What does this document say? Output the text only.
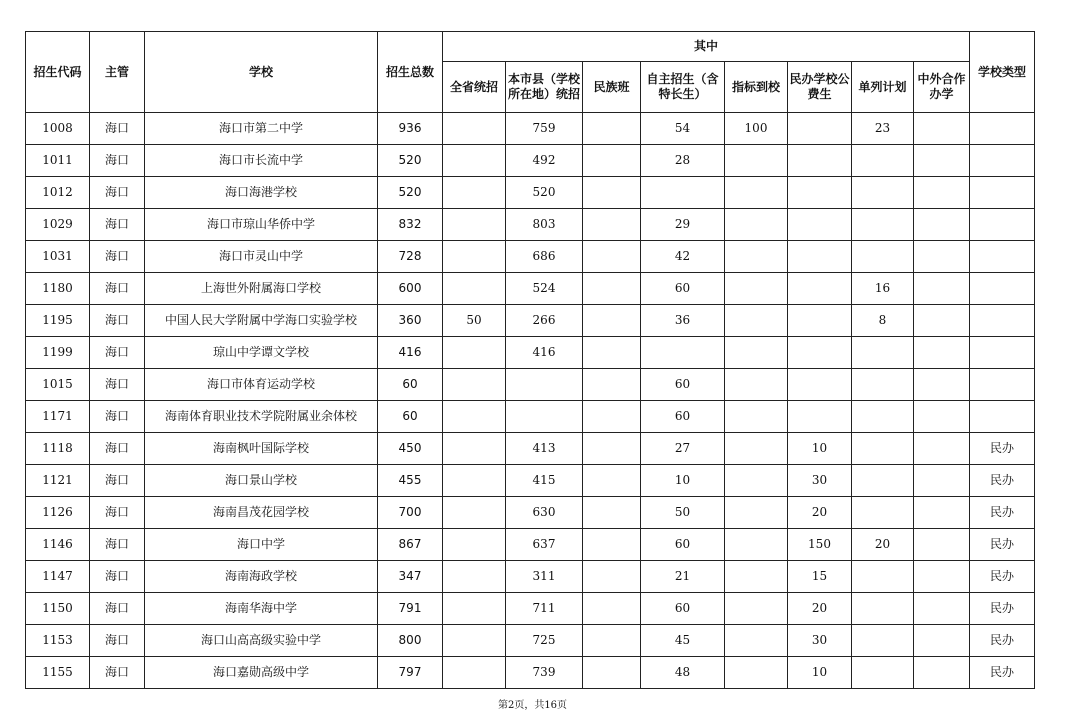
招生代码	主管	学校	招生总数	其中								学校类型
				全省统招	本市县（学校所在地）统招	民族班	自主招生（含特长生）	指标到校	民办学校公费生	单列计划	中外合作办学	
1008	海口	海口市第二中学	936		759		54	100		23		
1011	海口	海口市长流中学	520		492		28					
1012	海口	海口海港学校	520		520							
1029	海口	海口市琼山华侨中学	832		803		29					
1031	海口	海口市灵山中学	728		686		42					
1180	海口	上海世外附属海口学校	600		524		60			16		
1195	海口	中国人民大学附属中学海口实验学校	360	50	266		36			8		
1199	海口	琼山中学谭文学校	416		416							
1015	海口	海口市体育运动学校	60				60					
1171	海口	海南体育职业技术学院附属业余体校	60				60					
1118	海口	海南枫叶国际学校	450		413		27		10			民办
1121	海口	海口景山学校	455		415		10		30			民办
1126	海口	海南昌茂花园学校	700		630		50		20			民办
1146	海口	海口中学	867		637		60		150	20		民办
1147	海口	海南海政学校	347		311		21		15			民办
1150	海口	海南华海中学	791		711		60		20			民办
1153	海口	海口山高高级实验中学	800		725		45		30			民办
1155	海口	海口嘉勋高级中学	797		739		48		10			民办
第2页，共16页
